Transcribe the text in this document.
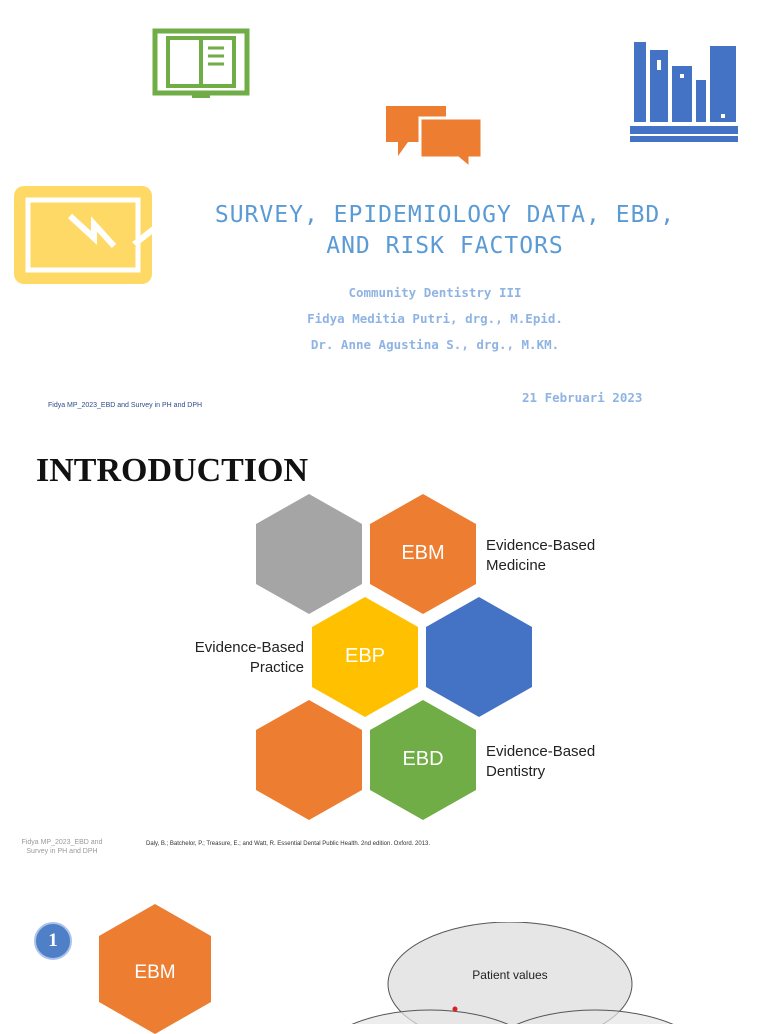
SURVEY, EPIDEMIOLOGY DATA, EBD,
AND RISK FACTORS
Community Dentistry III
Fidya Meditia Putri, drg., M.Epid.
Dr. Anne Agustina S., drg., M.KM.
Fidya MP_2023_EBD and Survey in PH and DPH
21 Februari 2023
INTRODUCTION
EBM
EBP
EBD
Evidence-Based
Medicine
Evidence-Based
Practice
Evidence-Based
Dentistry
Fidya MP_2023_EBD and
Survey in PH and DPH
Daly, B.; Batchelor, P.; Treasure, E.; and Watt, R. Essential Dental Public Health. 2nd edition. Oxford. 2013.
1
EBM	Patient values
